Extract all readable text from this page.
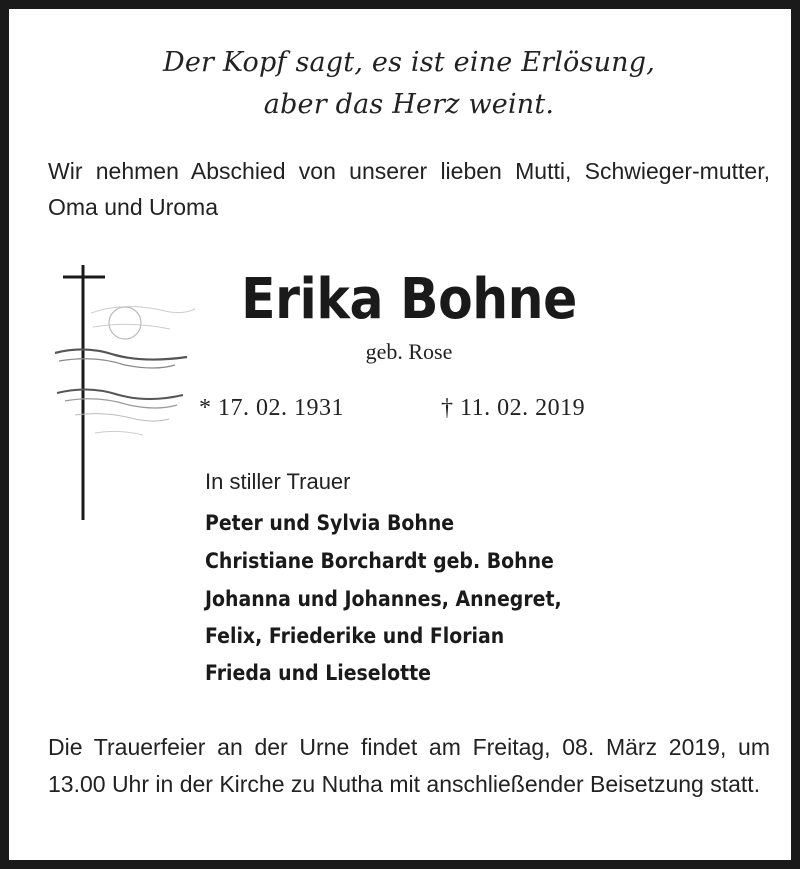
Der Kopf sagt, es ist eine Erlösung,
aber das Herz weint.
Wir nehmen Abschied von unserer lieben Mutti, Schwieger-mutter, Oma und Uroma
Erika Bohne
geb. Rose
* 17. 02. 1931	† 11. 02. 2019
In stiller Trauer
Peter und Sylvia Bohne
Christiane Borchardt geb. Bohne
Johanna und Johannes, Annegret,
Felix, Friederike und Florian
Frieda und Lieselotte
Die Trauerfeier an der Urne findet am Freitag, 08. März 2019, um 13.00 Uhr in der Kirche zu Nutha mit anschließender Beisetzung statt.
